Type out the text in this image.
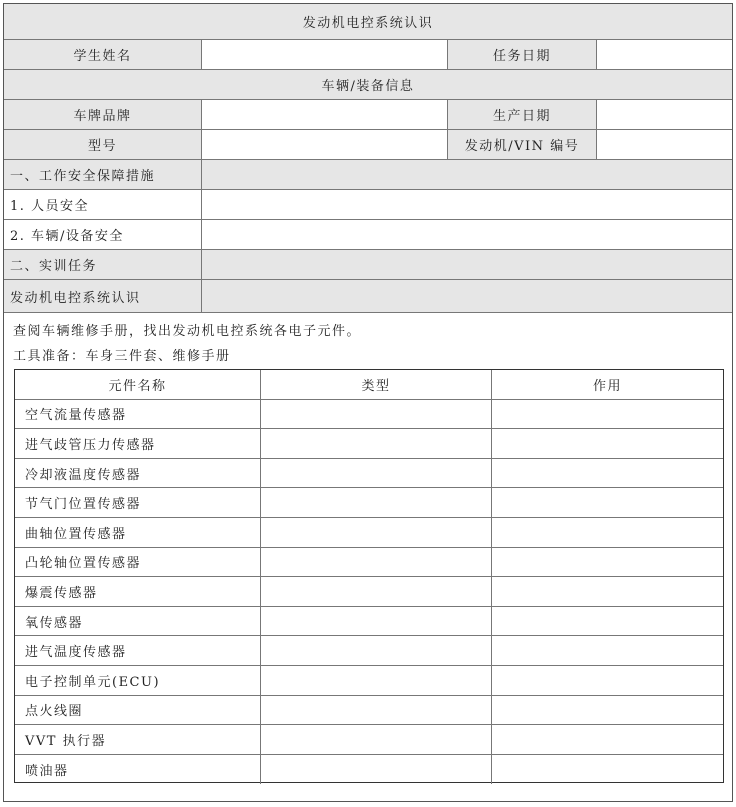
发动机电控系统认识
学生姓名	任务日期
车辆/装备信息
车牌品牌	生产日期
型号	发动机/VIN 编号
一、工作安全保障措施
1. 人员安全
2. 车辆/设备安全
二、实训任务
发动机电控系统认识
查阅车辆维修手册，找出发动机电控系统各电子元件。
工具准备：车身三件套、维修手册
元件名称	类型	作用
空气流量传感器
进气歧管压力传感器
冷却液温度传感器
节气门位置传感器
曲轴位置传感器
凸轮轴位置传感器
爆震传感器
氧传感器
进气温度传感器
电子控制单元(ECU)
点火线圈
VVT 执行器
喷油器
